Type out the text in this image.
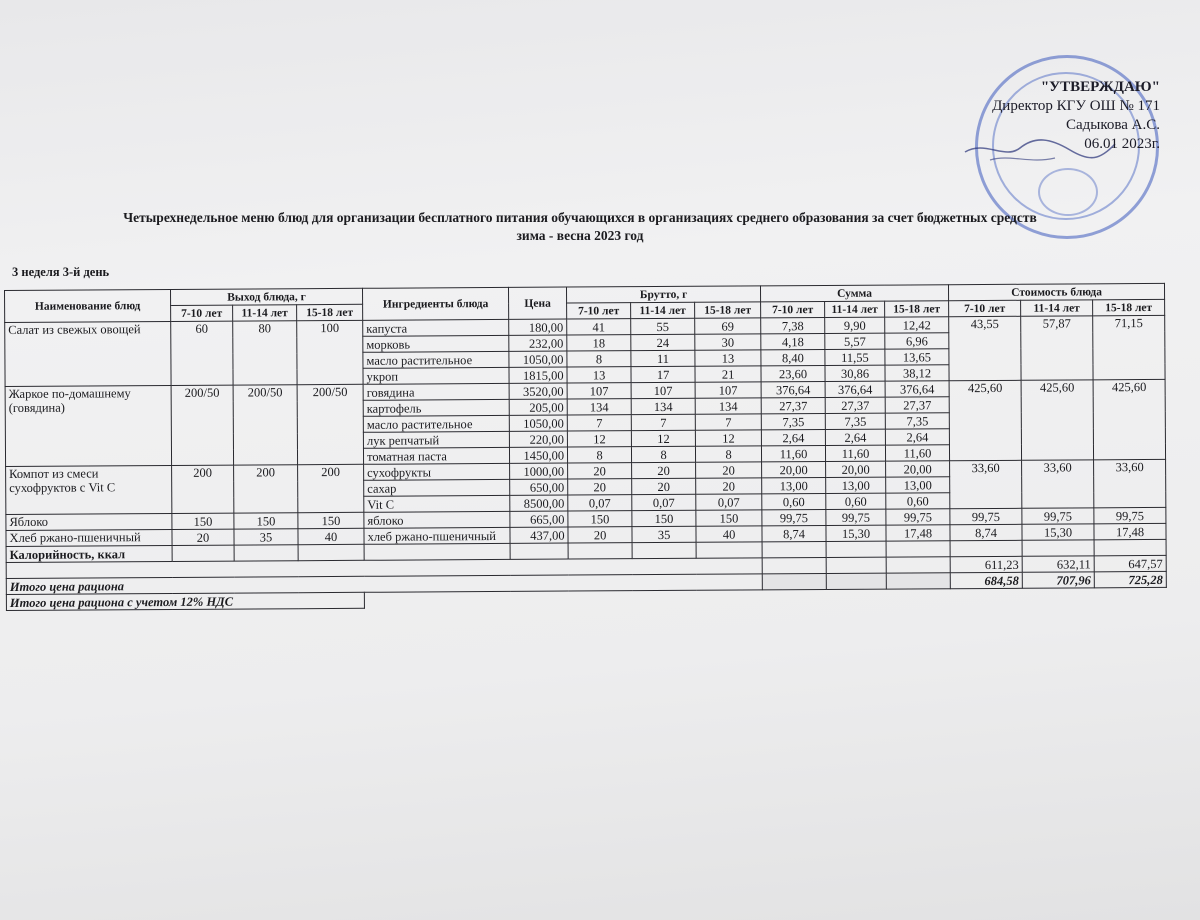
"УТВЕРЖДАЮ"
Директор КГУ ОШ № 171
Садыкова А.С.
06.01 2023г.
Четырехнедельное меню блюд для организации бесплатного питания обучающихся в организациях среднего образования за счет бюджетных средств
зима - весна 2023 год
3 неделя 3-й день
Наименование блюд	Выход блюда, г			Ингредиенты блюда	Цена	Брутто, г			Сумма			Стоимость блюда		
	7-10 лет	11-14 лет	15-18 лет			7-10 лет	11-14 лет	15-18 лет	7-10 лет	11-14 лет	15-18 лет	7-10 лет	11-14 лет	15-18 лет
Салат из свежых овощей	60	80	100	капуста	180,00	41	55	69	7,38	9,90	12,42	43,55	57,87	71,15
				морковь	232,00	18	24	30	4,18	5,57	6,96			
				масло растительное	1050,00	8	11	13	8,40	11,55	13,65			
				укроп	1815,00	13	17	21	23,60	30,86	38,12			
Жаркое по-домашнему (говядина)	200/50	200/50	200/50	говядина	3520,00	107	107	107	376,64	376,64	376,64	425,60	425,60	425,60
				картофель	205,00	134	134	134	27,37	27,37	27,37			
				масло растительное	1050,00	7	7	7	7,35	7,35	7,35			
				лук репчатый	220,00	12	12	12	2,64	2,64	2,64			
				томатная паста	1450,00	8	8	8	11,60	11,60	11,60			
Компот из смеси сухофруктов с Vit C	200	200	200	сухофрукты	1000,00	20	20	20	20,00	20,00	20,00	33,60	33,60	33,60
				сахар	650,00	20	20	20	13,00	13,00	13,00			
				Vit C	8500,00	0,07	0,07	0,07	0,60	0,60	0,60			
Яблоко	150	150	150	яблоко	665,00	150	150	150	99,75	99,75	99,75	99,75	99,75	99,75
Хлеб ржано-пшеничный	20	35	40	хлеб ржано-пшеничный	437,00	20	35	40	8,74	15,30	17,48	8,74	15,30	17,48
Калорийность, ккал														
												611,23	632,11	647,57
Итого цена рациона												684,58	707,96	725,28
Итого цена рациона с учетом 12% НДС														
